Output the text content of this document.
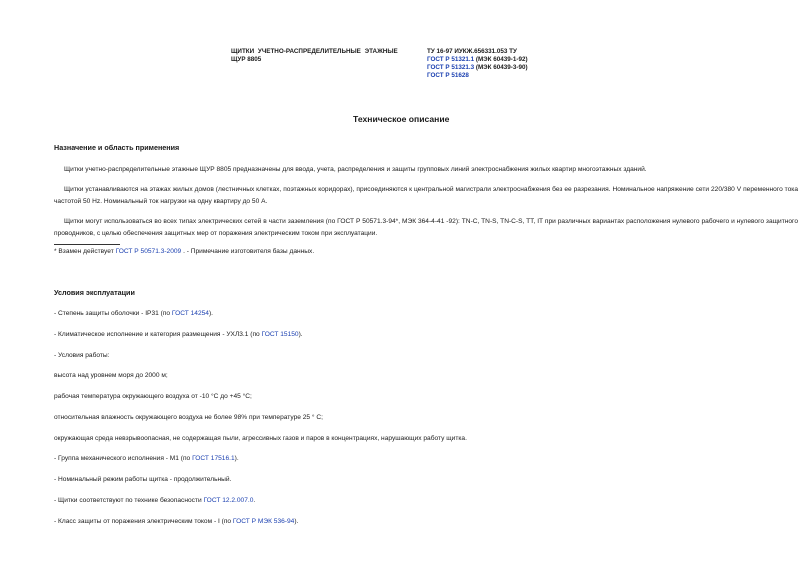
ЩИТКИ УЧЕТНО-РАСПРЕДЕЛИТЕЛЬНЫЕ ЭТАЖНЫЕ
ЩУР 8805
ТУ 16-97 ИУКЖ.656331.053 ТУ
ГОСТ Р 51321.1 (МЭК 60439-1-92)
ГОСТ Р 51321.3 (МЭК 60439-3-90)
ГОСТ Р 51628
Техническое описание
Назначение и область применения
Щитки учетно-распределительные этажные ЩУР 8805 предназначены для ввода, учета, распределения и защиты групповых линий электроснабжения жилых квартир многоэтажных зданий.
Щитки устанавливаются на этажах жилых домов (лестничных клетках, поэтажных коридорах), присоединяются к центральной магистрали электроснабжения без ее разрезания. Номинальное напряжение сети 220/380 V переменного тока частотой 50 Hz. Номинальный ток нагрузки на одну квартиру до 50 А.
Щитки могут использоваться во всех типах электрических сетей в части заземления (по ГОСТ Р 50571.3-94*, МЭК 364-4-41 -92): TN-C, TN-S, TN-C-S, TT, IT при различных вариантах расположения нулевого рабочего и нулевого защитного проводников, с целью обеспечения защитных мер от поражения электрическим током при эксплуатации.
* Взамен действует ГОСТ Р 50571.3-2009 . - Примечание изготовителя базы данных.
Условия эксплуатации
- Степень защиты оболочки - IP31 (по ГОСТ 14254).
- Климатическое исполнение и категория размещения - УХЛ3.1 (по ГОСТ 15150).
- Условия работы:
высота над уровнем моря до 2000 м;
рабочая температура окружающего воздуха от -10 °С до +45 °С;
относительная влажность окружающего воздуха не более 98% при температуре 25 ° С;
окружающая среда невзрывоопасная, не содержащая пыли, агрессивных газов и паров в концентрациях, нарушающих работу щитка.
- Группа механического исполнения - М1 (по ГОСТ 17516.1).
- Номинальный режим работы щитка - продолжительный.
- Щитки соответствуют по технике безопасности ГОСТ 12.2.007.0.
- Класс защиты от поражения электрическим током - I (по ГОСТ Р МЭК 536-94).
